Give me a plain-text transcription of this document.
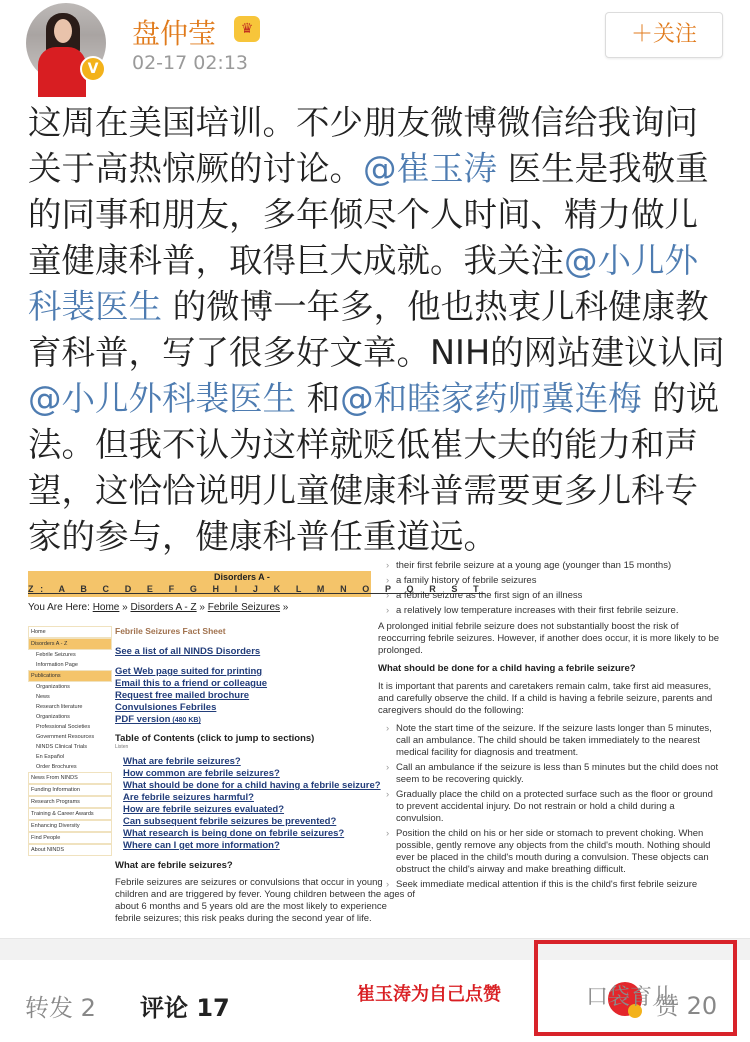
V
盘仲莹	♛
02-17 02:13
＋关注
这周在美国培训。不少朋友微博微信给我询问关于高热惊厥的讨论。@崔玉涛 医生是我敬重的同事和朋友，多年倾尽个人时间、精力做儿童健康科普，取得巨大成就。我关注@小儿外科裴医生 的微博一年多，他也热衷儿科健康教育科普，写了很多好文章。NIH的网站建议认同@小儿外科裴医生 和@和睦家药师冀连梅 的说法。但我不认为这样就贬低崔大夫的能力和声望，这恰恰说明儿童健康科普需要更多儿科专家的参与，健康科普任重道远。
Disorders A -
Z: A B C D E F G H I J K L M N O P Q R S T
You Are Here: Home » Disorders A - Z » Febrile Seizures »
Home
Disorders A - Z
Febrile Seizures
Information Page
Publications
Organizations
News
Research literature
Organizations
Professional Societies
Government Resources
NINDS Clinical Trials
En Español
Order Brochures
News From NINDS
Funding Information
Research Programs
Training & Career Awards
Enhancing Diversity
Find People
About NINDS
Febrile Seizures Fact Sheet
See a list of all NINDS Disorders
Get Web page suited for printing
Email this to a friend or colleague
Request free mailed brochure
Convulsiones Febriles
PDF version (480 KB)
Table of Contents (click to jump to sections)
Listen
What are febrile seizures?
How common are febrile seizures?
What should be done for a child having a febrile seizure?
Are febrile seizures harmful?
How are febrile seizures evaluated?
Can subsequent febrile seizures be prevented?
What research is being done on febrile seizures?
Where can I get more information?
What are febrile seizures?
Febrile seizures are seizures or convulsions that occur in young children and are triggered by fever. Young children between the ages of about 6 months and 5 years old are the most likely to experience febrile seizures; this risk peaks during the second year of life.
› their first febrile seizure at a young age (younger than 15 months)
› a family history of febrile seizures
› a febrile seizure as the first sign of an illness
› a relatively low temperature increases with their first febrile seizure.

A prolonged initial febrile seizure does not substantially boost the risk of reoccurring febrile seizures. However, if another does occur, it is more likely to be prolonged.

What should be done for a child having a febrile seizure?

It is important that parents and caretakers remain calm, take first aid measures, and carefully observe the child. If a child is having a febrile seizure, parents and caregivers should do the following:

› Note the start time of the seizure. If the seizure lasts longer than 5 minutes, call an ambulance. The child should be taken immediately to the nearest medical facility for diagnosis and treatment.
› Call an ambulance if the seizure is less than 5 minutes but the child does not seem to be recovering quickly.
› Gradually place the child on a protected surface such as the floor or ground to prevent accidental injury. Do not restrain or hold a child during a convulsion.
› Position the child on his or her side or stomach to prevent choking. When possible, gently remove any objects from the child's mouth. Nothing should ever be placed in the child's mouth during a convulsion. These objects can obstruct the child's airway and make breathing difficult.
› Seek immediate medical attention if this is the child's first febrile seizure
转发 2 评论 17	崔玉涛为自己点赞	赞 20
口袋育儿
